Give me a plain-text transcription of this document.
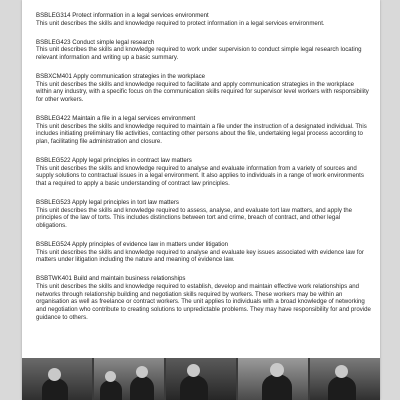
BSBLEG314 Protect information in a legal services environment

This unit describes the skills and knowledge required to protect information in a legal services environment.

BSBLEG423 Conduct simple legal research

This unit describes the skills and knowledge required to work under supervision to conduct simple legal research locating relevant information and writing up a basic summary.

BSBXCM401 Apply communication strategies in the workplace

This unit describes the skills and knowledge required to facilitate and apply communication strategies in the workplace within any industry, with a specific focus on the communication skills required for supervisor level workers with responsibility for other workers.

BSBLEG422 Maintain a file in a legal services environment

This unit describes the skills and knowledge required to maintain a file under the instruction of a designated individual. This includes initiating preliminary file activities, contacting other persons about the file, undertaking legal process according to plan, facilitating file administration and closure.

BSBLEG522 Apply legal principles in contract law matters

This unit describes the skills and knowledge required to analyse and evaluate information from a variety of sources and supply solutions to contractual issues in a legal environment. It also applies to individuals in a range of work environments that a required to apply a basic understanding of contract law principles.

BSBLEG523 Apply legal principles in tort law matters

This unit describes the skills and knowledge required to assess, analyse, and evaluate tort law matters, and apply the principles of the law of torts. This includes distinctions between tort and crime, breach of contract, and other legal obligations.

BSBLEG524 Apply principles of evidence law in matters under litigation

This unit describes the skills and knowledge required to analyse and evaluate key issues associated with evidence law for matters under litigation including the nature and meaning of evidence law.

BSBTWK401 Build and maintain business relationships

This unit describes the skills and knowledge required to establish, develop and maintain effective work relationships and networks through relationship building and negotiation skills required by workers. These workers may be within an organisation as well as freelance or contract workers. The unit applies to individuals with a broad knowledge of networking and negotiation who contribute to creating solutions to unpredictable problems. They may have responsibility for and provide guidance to others.
